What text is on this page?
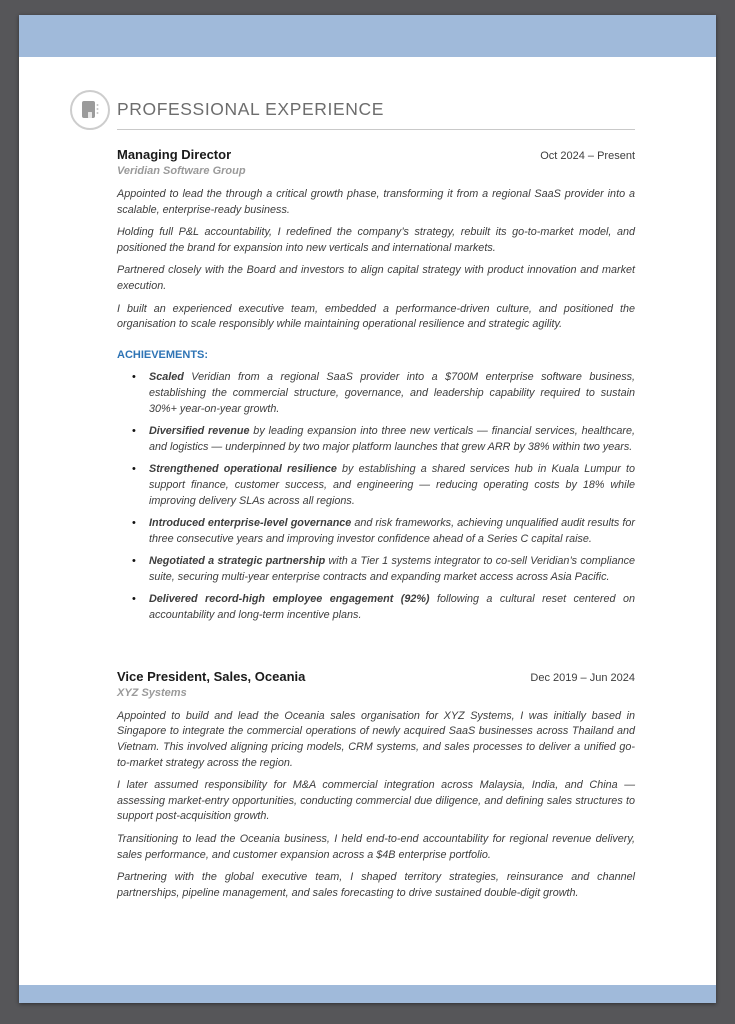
PROFESSIONAL EXPERIENCE
Managing Director	Oct 2024 – Present
Veridian Software Group

Appointed to lead the through a critical growth phase, transforming it from a regional SaaS provider into a scalable, enterprise-ready business.

Holding full P&L accountability, I redefined the company’s strategy, rebuilt its go-to-market model, and positioned the brand for expansion into new verticals and international markets.

Partnered closely with the Board and investors to align capital strategy with product innovation and market execution.

I built an experienced executive team, embedded a performance-driven culture, and positioned the organisation to scale responsibly while maintaining operational resilience and strategic agility.

ACHIEVEMENTS:
•	Scaled Veridian from a regional SaaS provider into a $700M enterprise software business, establishing the commercial structure, governance, and leadership capability required to sustain 30%+ year-on-year growth.
•	Diversified revenue by leading expansion into three new verticals — financial services, healthcare, and logistics — underpinned by two major platform launches that grew ARR by 38% within two years.
•	Strengthened operational resilience by establishing a shared services hub in Kuala Lumpur to support finance, customer success, and engineering — reducing operating costs by 18% while improving delivery SLAs across all regions.
•	Introduced enterprise-level governance and risk frameworks, achieving unqualified audit results for three consecutive years and improving investor confidence ahead of a Series C capital raise.
•	Negotiated a strategic partnership with a Tier 1 systems integrator to co-sell Veridian’s compliance suite, securing multi-year enterprise contracts and expanding market access across Asia Pacific.
•	Delivered record-high employee engagement (92%) following a cultural reset centered on accountability and long-term incentive plans.
Vice President, Sales, Oceania	Dec 2019 – Jun 2024
XYZ Systems

Appointed to build and lead the Oceania sales organisation for XYZ Systems, I was initially based in Singapore to integrate the commercial operations of newly acquired SaaS businesses across Thailand and Vietnam. This involved aligning pricing models, CRM systems, and sales processes to deliver a unified go-to-market strategy across the region.

I later assumed responsibility for M&A commercial integration across Malaysia, India, and China — assessing market-entry opportunities, conducting commercial due diligence, and defining sales structures to support post-acquisition growth.

Transitioning to lead the Oceania business, I held end-to-end accountability for regional revenue delivery, sales performance, and customer expansion across a $4B enterprise portfolio.

Partnering with the global executive team, I shaped territory strategies, reinsurance and channel partnerships, pipeline management, and sales forecasting to drive sustained double-digit growth.
